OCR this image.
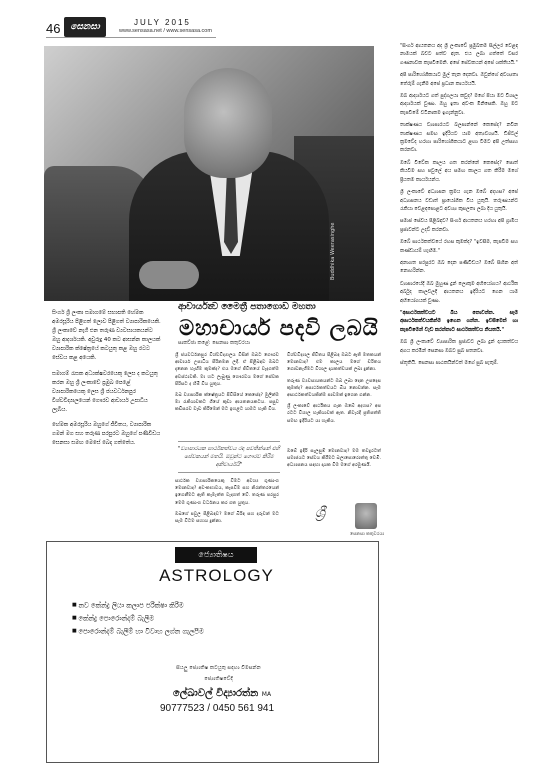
46	සෙනසා	JULY 2015
www.sensasa.net / www.sensasa.com
Buddhika Weerasinghe

සිංගර් ශ්‍රී ලංකා සමාගමේ සභාපති හේමක අමරසූරිය පිළිගත් ලොව පිළිගත් ව්‍යාපාරිකයෙකි. ශ්‍රී ලංකාවේ නැගී එන තරුණ ව්‍යවසායකයන්ට ඔහු ආදර්ශයකි. අවුරුදු 40 කට ආසන්න කාලයක් ව්‍යාපාරික ක්ෂේත්‍රයේ කටයුතු කළ ඔහු රටට සේවය කළ අයෙකි.

සමාගම් රැසක අධ්‍යක්ෂවරයෙකු ලෙස ද කටයුතු කරන ඔහු ශ්‍රී ලංකාවේ ප්‍රමුඛ පෙළේ ව්‍යාපාරිකයෙකු ලෙස ශ්‍රී ජයවර්ධනපුර විශ්වවිද්‍යාලයෙන් ගෞරව ආචාර්ය උපාධිය ලැබීය.

හේමක අමරසූරිය ඔහුගේ ජීවිතය, ව්‍යාපාරික ගමන් මග සහ තරුණ පරපුරට ඔහුගේ පණිවිඩය සෙනසා සමඟ මෙසේ බෙදා ගත්තේය.

ආචාර්යත්‍ව මෛත්‍රී පතාගොඩ මහතා
මහාචාර්ය පදවි ලබයි
සාකච්ඡා කළේ: සෙනසා කතුවරයා

ශ්‍රී ජයවර්ධනපුර විශ්වවිද්‍යාලය විසින් ඔබට ගෞරව ආචාර්ය උපාධිය පිරිනමන ලදී. ඒ පිළිබඳව ඔබට දැනෙන හැඟීම කුමක්ද? එය මගේ ජීවිතයේ වැදගත්ම අවස්ථාවකි. මා හට ලැබුණු ගෞරවය මගේ සේවක පිරිසට ද හිමි විය යුතුය.

ඔබ ව්‍යාපාරික ක්ෂේත්‍රයට පිවිසියේ කෙසේද? මුලින්ම මා රැකියාවකට ගියේ කුඩා ආයතනයකටය. පසුව කඩිසරව වැඩ කිරීමෙන් මට ඉහළට යාමට හැකි විය.

"ව්‍යාපාරයක සාර්ථකත්වය රඳා පවතින්නේ එහි සේවකයන් මතයි. ඔවුන්ට ගෞරව කිරීම අනිවාර්යයි"

සාර්ථක ව්‍යාපාරිකයෙකු වීමට අවශ්‍ය ගුණාංග මොනවාද? අවංකභාවය, කැපවීම සහ නිරන්තරයෙන් ඉගෙනීමට ඇති කැමැත්ත වැදගත් වේ. තරුණ පරපුර මෙම ගුණාංග වර්ධනය කර ගත යුතුය.

ඔබගේ පවුල පිළිබඳව? මගේ බිරිඳ සහ දරුවන් මට සැම විටම සහාය දුන්නා.

විශ්වවිද්‍යාල ජීවිතය පිළිබඳ ඔබට ඇති මතකයන් මොනවාද? එම කාලය මගේ චරිතය ගොඩනැගීමට විශාල දායකත්වයක් ලබා දුන්නා.

තරුණ ව්‍යවසායකයන්ට ඔබ ලබා දෙන උපදෙස කුමක්ද? අසාර්ථකත්වයට බිය නොවන්න. සෑම අසාර්ථකත්වයකින්ම පාඩමක් ඉගෙන ගන්න.

ශ්‍රී ලංකාවේ ආර්ථිකය ගැන ඔබේ අදහස? අප රටට විශාල හැකියාවක් ඇත. නිවැරදි ප්‍රතිපත්ති සමඟ ඉදිරියට යා හැකිය.

ඔබේ ඉදිරි සැලසුම් මොනවාද? මම තවදුරටත් සමාජයට සේවය කිරීමට බලාපොරොත්තු වෙමි. අධ්‍යාපනය සඳහා දායක වීම මගේ අරමුණයි.

ශ්‍රී
සෙනසා කතුවරයා

"සිංගර් ආයතනය අද ශ්‍රී ලංකාවේ ප්‍රමුඛතම සිල්ලර වෙළඳ නාමයක් බවට පත්ව ඇත. එය ලබා ගත්තේ වසර ගණනාවක කැපවීමෙනි. අපේ සේවකයන් අපේ ශක්තියයි."

අපි පාරිභෝගිකයාට මුල් තැන දෙනවා. ඔවුන්ගේ අවශ්‍යතා තේරුම් ගැනීම අපේ ප්‍රධාන කාර්යයයි.

ඔබ ආදර්ශයට ගත් පුද්ගලයා කවුද? මගේ පියා මට විශාල ආදර්ශයක් වුණා. ඔහු ඉතා අවංක මිනිසෙකි. ඔහු මට කැපවීමේ වටිනාකම ඉගැන්නුවා.

තාක්ෂණය ව්‍යාපාරයට බලපාන්නේ කෙසේද? නවීන තාක්ෂණය සමඟ ඉදිරියට යාම අත්‍යවශ්‍යයි. ඩිජිටල් ක්‍රමවේද හරහා පාරිභෝගිකයාට ළඟා වීමට අපි උත්සාහ කරනවා.

ඔබේ විවේක කාලය ගත කරන්නේ කෙසේද? පොත් කියවීම සහ පවුලේ අය සමඟ කාලය ගත කිරීම මගේ ප්‍රියතම කාර්යයන්ය.

ශ්‍රී ලංකාවේ අධ්‍යාපන ක්‍රමය ගැන ඔබේ අදහස? අපේ අධ්‍යාපනය වඩාත් ප්‍රායෝගික විය යුතුයි. තරුණයන්ට රැකියා වෙළඳපොළට අවශ්‍ය කුසලතා ලබා දිය යුතුයි.

සමාජ සේවය පිළිබඳව? සිංගර් ආයතනය හරහා අපි ග්‍රාමීය ප්‍රජාවන්ට උදව් කරනවා.

ඔබේ සාර්ථකත්වයේ රහස කුමක්ද? "ඉවසීම, කැපවීම සහ කණ්ඩායම් හැඟීම."

අනාගත පරපුරට ඔබ දෙන පණිවිඩය? ඔබේ සිහින අත් නොහරින්න.

ව්‍යාපාරයේදී ඔබ මුහුණ දුන් ලොකුම අභියෝගය? ආර්ථික අර්බුද කාලවලදී ආයතනය ඉදිරියට ගෙන යාම අභියෝගයක් වුණා.

"අසාර්ථකත්වයට බිය නොවන්න. සෑම අසාර්ථකත්වයකින්ම ඉගෙන ගන්න. ඉවසීමෙන් හා කැපවීමෙන් වැඩ කරන්නාට සාර්ථකත්වය නියතයි."

ඔබ ශ්‍රී ලංකාවේ ව්‍යාපාරික ප්‍රජාවට ලබා දුන් දායකත්වය අගය කරමින් සෙනසා ඔබට සුබ පතනවා.

ස්තූතියි. සෙනසා පාඨකයින්ටත් මගේ සුබ පැතුම්.

ජ්‍යොතිෂය
ASTROLOGY
■ නව කේන්ද්‍ර ලියා කලාප පරීක්ෂා කිරීම
■ කේන්ද්‍ර පොරොන්දම් බැලීම
■ පොරොන්දම් බැලීම් හා විවාහ ලග්න ගැලපීම
සියලු ජ්‍යොතිෂ කටයුතු සඳහා විමසන්න
ජ්‍යොතිෂවේදී
ලේඛාවල් විද්‍යාරත්න MA
90777523 / 0450 561 941
